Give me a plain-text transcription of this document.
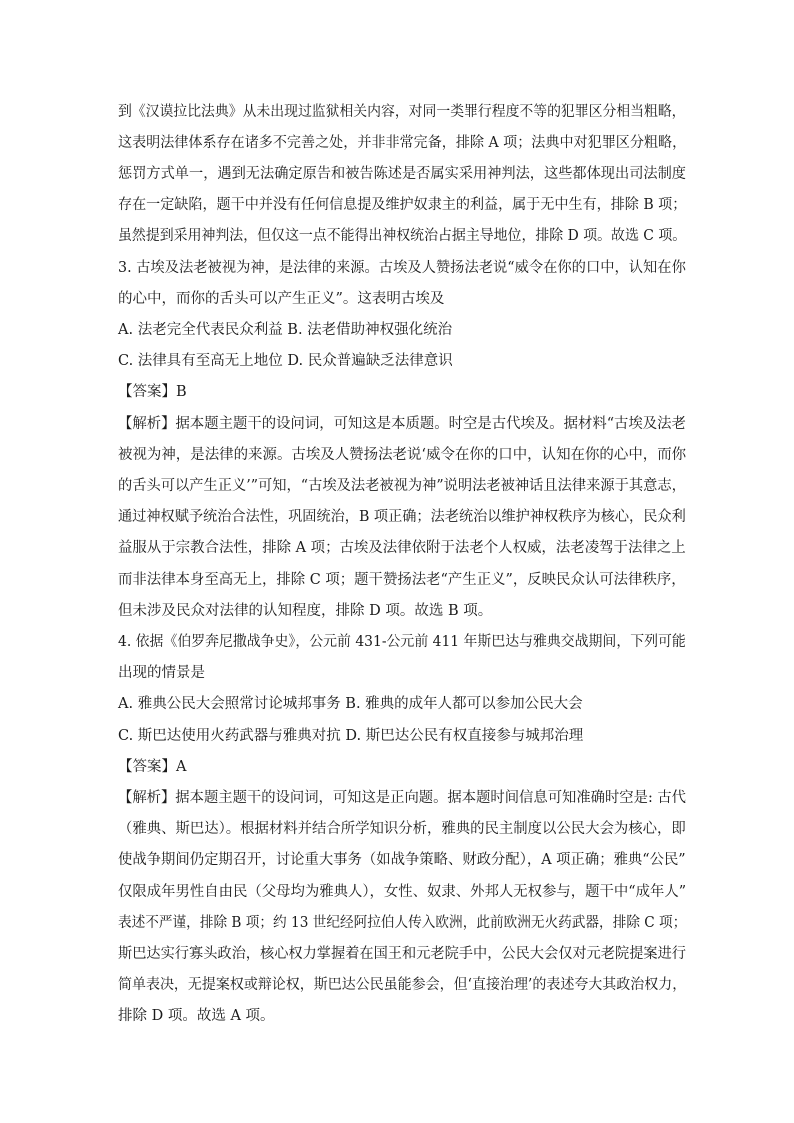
到《汉谟拉比法典》从未出现过监狱相关内容，对同一类罪行程度不等的犯罪区分相当粗略，
这表明法律体系存在诸多不完善之处，并非非常完备，排除 A 项；法典中对犯罪区分粗略，
惩罚方式单一，遇到无法确定原告和被告陈述是否属实采用神判法，这些都体现出司法制度
存在一定缺陷，题干中并没有任何信息提及维护奴隶主的利益，属于无中生有，排除 B 项；
虽然提到采用神判法，但仅这一点不能得出神权统治占据主导地位，排除 D 项。故选 C 项。
3. 古埃及法老被视为神，是法律的来源。古埃及人赞扬法老说“威令在你的口中，认知在你
的心中，而你的舌头可以产生正义”。这表明古埃及
A. 法老完全代表民众利益 B. 法老借助神权强化统治
C. 法律具有至高无上地位 D. 民众普遍缺乏法律意识
【答案】B
【解析】据本题主题干的设问词，可知这是本质题。时空是古代埃及。据材料“古埃及法老
被视为神，是法律的来源。古埃及人赞扬法老说‘威令在你的口中，认知在你的心中，而你
的舌头可以产生正义’”可知，“古埃及法老被视为神”说明法老被神话且法律来源于其意志，
通过神权赋予统治合法性，巩固统治，B 项正确；法老统治以维护神权秩序为核心，民众利
益服从于宗教合法性，排除 A 项；古埃及法律依附于法老个人权威，法老凌驾于法律之上
而非法律本身至高无上，排除 C 项；题干赞扬法老“产生正义”，反映民众认可法律秩序，
但未涉及民众对法律的认知程度，排除 D 项。故选 B 项。
4. 依据《伯罗奔尼撒战争史》，公元前 431-公元前 411 年斯巴达与雅典交战期间，下列可能
出现的情景是
A. 雅典公民大会照常讨论城邦事务 B. 雅典的成年人都可以参加公民大会
C. 斯巴达使用火药武器与雅典对抗 D. 斯巴达公民有权直接参与城邦治理
【答案】A
【解析】据本题主题干的设问词，可知这是正向题。据本题时间信息可知准确时空是: 古代
（雅典、斯巴达）。根据材料并结合所学知识分析，雅典的民主制度以公民大会为核心，即
使战争期间仍定期召开，讨论重大事务（如战争策略、财政分配），A 项正确；雅典“公民”
仅限成年男性自由民（父母均为雅典人），女性、奴隶、外邦人无权参与，题干中“成年人”
表述不严谨，排除 B 项；约 13 世纪经阿拉伯人传入欧洲，此前欧洲无火药武器，排除 C 项；
斯巴达实行寡头政治，核心权力掌握着在国王和元老院手中，公民大会仅对元老院提案进行
简单表决，无提案权或辩论权，斯巴达公民虽能参会，但‘直接治理’的表述夸大其政治权力，
排除 D 项。故选 A 项。
